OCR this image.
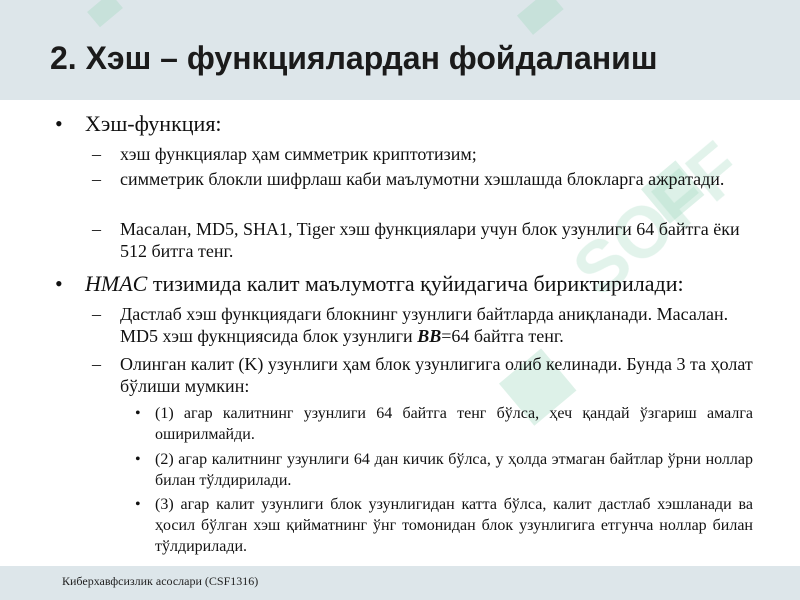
SOFF
2. Хэш – функциялардан фойдаланиш

• Хэш-функция:

– хэш функциялар ҳам симметрик криптотизим;

– симметрик блокли шифрлаш каби маълумотни хэшлашда блокларга ажратади.

– Масалан, MD5, SHA1, Tiger хэш функциялари учун блок узунлиги 64 байтга ёки 512 битга тенг.

• HMAC тизимида калит маълумотга қуйидагича бириктирилади:

– Дастлаб хэш функциядаги блокнинг узунлиги байтларда аниқланади. Масалан. MD5 хэш фукнциясида блок узунлиги BB=64 байтга тенг.

– Олинган калит (K) узунлиги ҳам блок узунлигига олиб келинади. Бунда 3 та ҳолат бўлиши мумкин:

• (1) агар калитнинг узунлиги 64 байтга тенг бўлса, ҳеч қандай ўзгариш амалга оширилмайди.

• (2) агар калитнинг узунлиги 64 дан кичик бўлса, у ҳолда этмаган байтлар ўрни ноллар билан тўлдирилади.

• (3) агар калит узунлиги блок узунлигидан катта бўлса, калит дастлаб хэшланади ва ҳосил бўлган хэш қийматнинг ўнг томонидан блок узунлигига етгунча ноллар билан тўлдирилади.

Киберхавфсизлик асослари (CSF1316)
